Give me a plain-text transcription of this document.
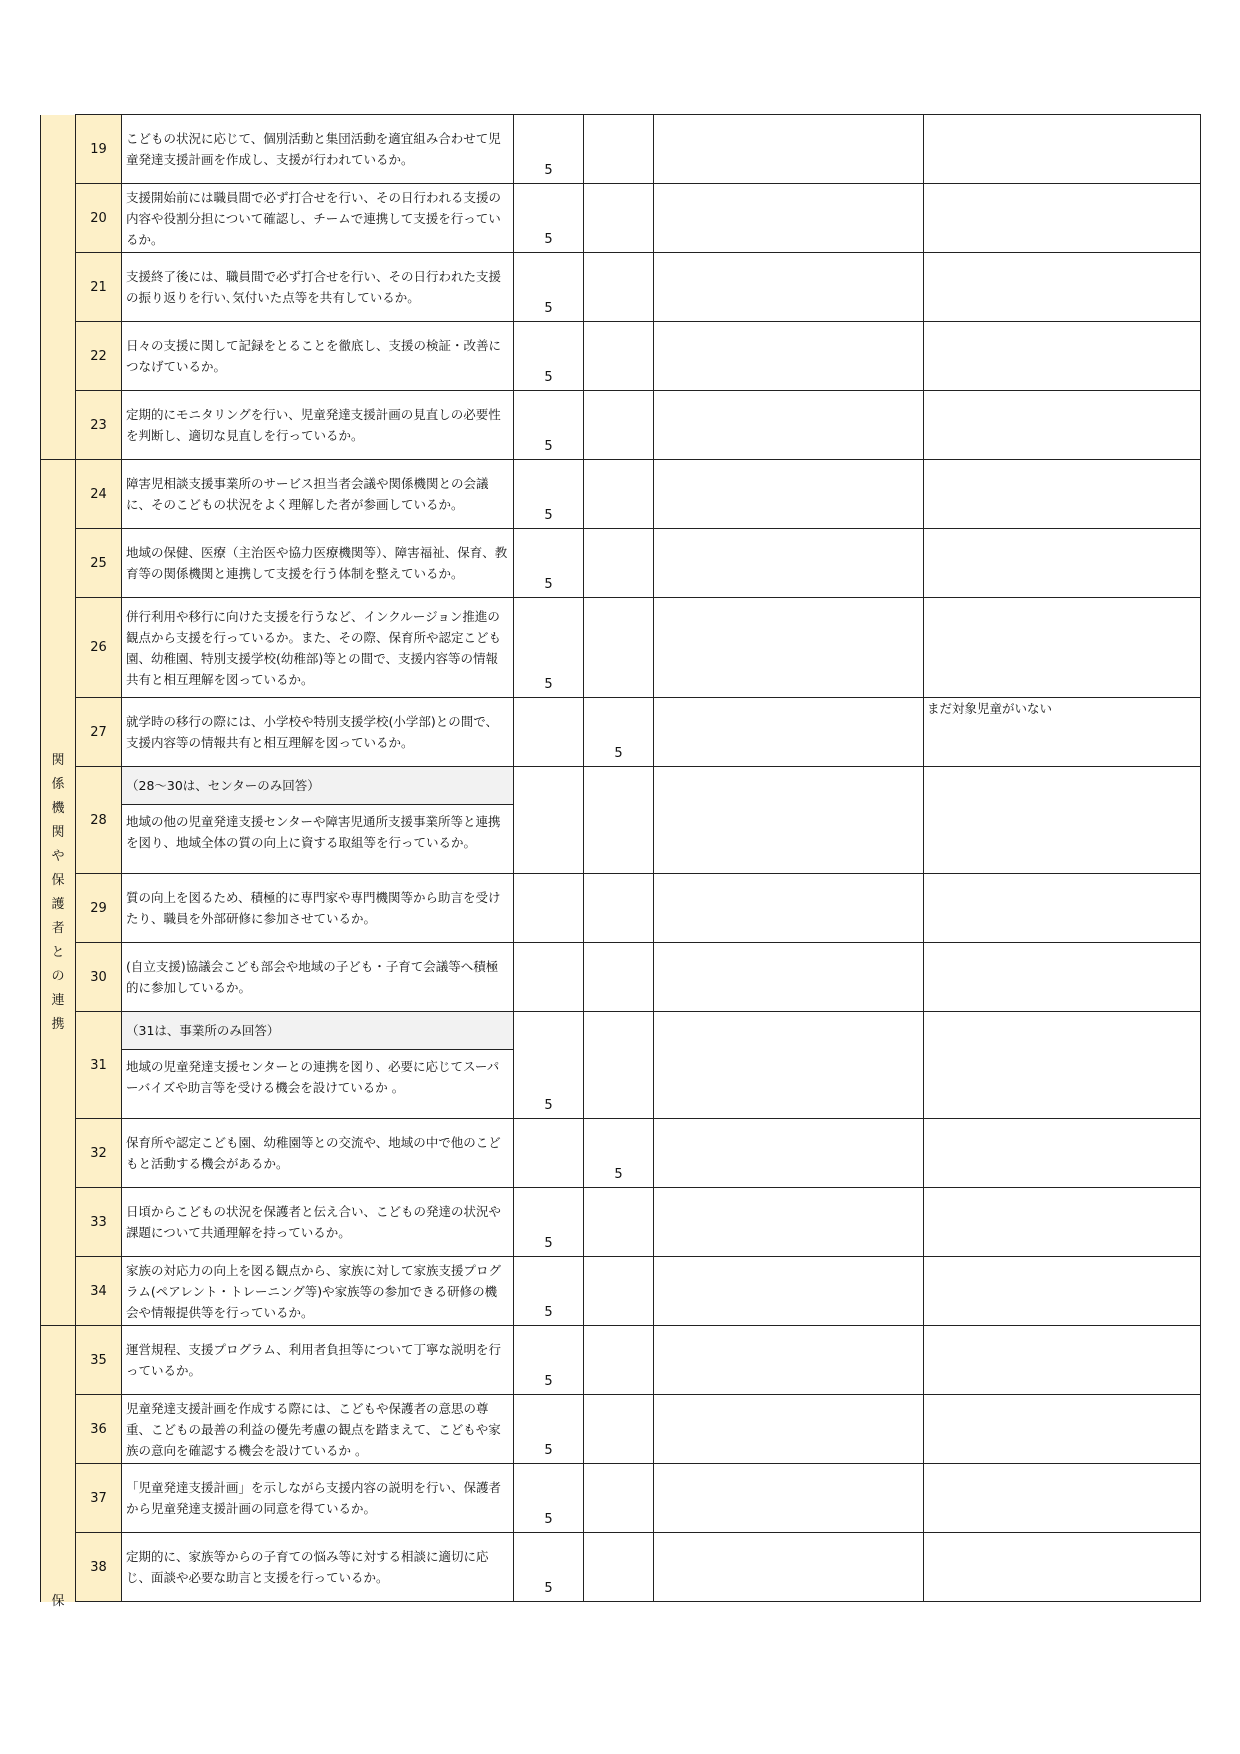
	19	こどもの状況に応じて、個別活動と集団活動を適宜組み合わせて児童発達支援計画を作成し、支援が行われているか。	5			
	20	支援開始前には職員間で必ず打合せを行い、その日行われる支援の内容や役割分担について確認し、チームで連携して支援を行っているか。	5			
	21	支援終了後には、職員間で必ず打合せを行い、その日行われた支援の振り返りを行い､気付いた点等を共有しているか。	5			
	22	日々の支援に関して記録をとることを徹底し、支援の検証・改善につなげているか。	5			
	23	定期的にモニタリングを行い、児童発達支援計画の見直しの必要性を判断し、適切な見直しを行っているか。	5			
関係機関や保護者との連携	24	障害児相談支援事業所のサービス担当者会議や関係機関との会議に、そのこどもの状況をよく理解した者が参画しているか。	5			
	25	地域の保健、医療（主治医や協力医療機関等）、障害福祉、保育、教育等の関係機関と連携して支援を行う体制を整えているか。	5			
	26	併行利用や移行に向けた支援を行うなど、インクルージョン推進の観点から支援を行っているか。また、その際、保育所や認定こども園、幼稚園、特別支援学校(幼稚部)等との間で、支援内容等の情報共有と相互理解を図っているか。	5			
	27	就学時の移行の際には、小学校や特別支援学校(小学部)との間で、支援内容等の情報共有と相互理解を図っているか。		5		まだ対象児童がいない
	28	（28～30は、センターのみ回答）
地域の他の児童発達支援センターや障害児通所支援事業所等と連携を図り、地域全体の質の向上に資する取組等を行っているか。				

	29	質の向上を図るため、積極的に専門家や専門機関等から助言を受けたり、職員を外部研修に参加させているか。				
	30	(自立支援)協議会こども部会や地域の子ども・子育て会議等へ積極的に参加しているか。				
	31	（31は、事業所のみ回答）
地域の児童発達支援センターとの連携を図り、必要に応じてスーパーバイズや助言等を受ける機会を設けているか 。	5			
	32	保育所や認定こども園、幼稚園等との交流や、地域の中で他のこどもと活動する機会があるか。		5		
	33	日頃からこどもの状況を保護者と伝え合い、こどもの発達の状況や課題について共通理解を持っているか。	5			
	34	家族の対応力の向上を図る観点から、家族に対して家族支援プログラム(ペアレント・トレーニング等)や家族等の参加できる研修の機会や情報提供等を行っているか。	5			
保	35	運営規程、支援プログラム、利用者負担等について丁寧な説明を行っているか。	5			
	36	児童発達支援計画を作成する際には、こどもや保護者の意思の尊重、こどもの最善の利益の優先考慮の観点を踏まえて、こどもや家族の意向を確認する機会を設けているか 。	5			
	37	「児童発達支援計画」を示しながら支援内容の説明を行い、保護者から児童発達支援計画の同意を得ているか。	5			
	38	定期的に、家族等からの子育ての悩み等に対する相談に適切に応じ、面談や必要な助言と支援を行っているか。	5			
